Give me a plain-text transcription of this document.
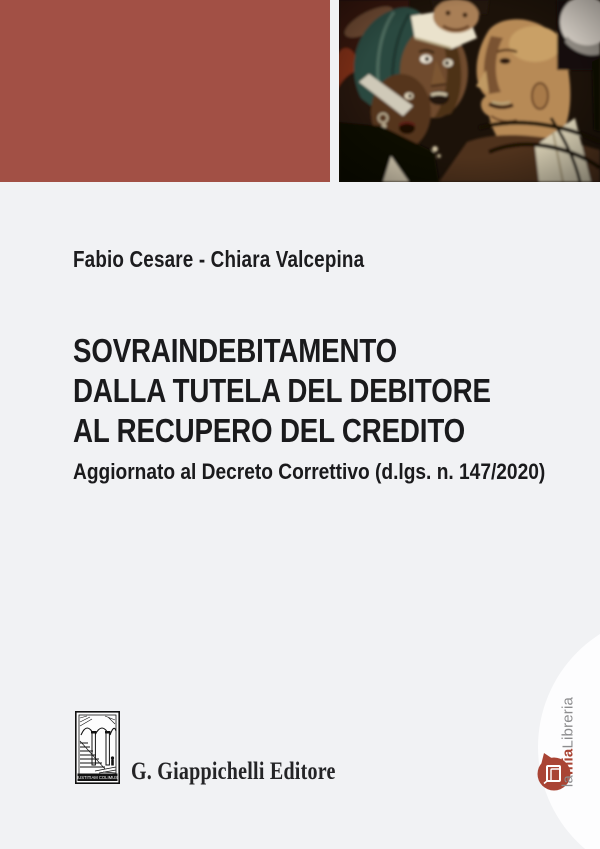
Fabio Cesare - Chiara Valcepina
SOVRAINDEBITAMENTO
DALLA TUTELA DEL DEBITORE
AL RECUPERO DEL CREDITO
Aggiornato al Decreto Correttivo (d.lgs. n. 147/2020)
IUSTITIAM COLIMUS G. Giappichelli Editore	lamiaLibreria
